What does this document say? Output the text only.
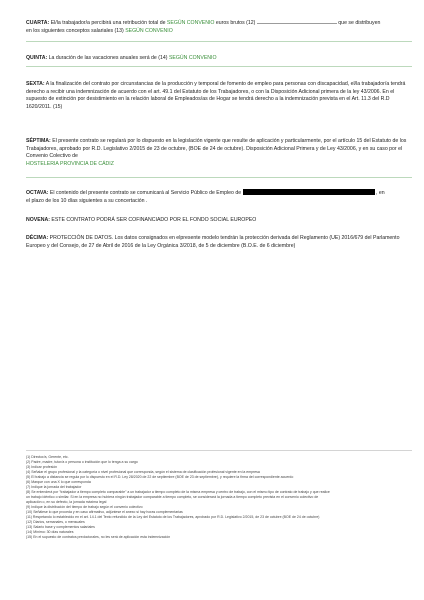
CUARTA: El/la trabajador/a percibirá una retribución total de SEGÚN CONVENIO euros brutos (12)	que se distribuyen
en los siguientes conceptos salariales (13) SEGÚN CONVENIO
QUINTA: La duración de las vacaciones anuales será de (14) SEGÚN CONVENIO
SEXTA: A la finalización del contrato por circunstancias de la producción y temporal de fomento de empleo para personas con discapacidad, el/la trabajador/a tendrá derecho a recibir una indemnización de acuerdo con el art. 49.1 del Estatuto de los Trabajadores, o con la Disposición Adicional primera de la ley 43/2006. En el supuesto de extinción por desistimiento en la relación laboral de Empleados/as de Hogar se tendrá derecho a la indemnización prevista en el Art. 11.3 del R.D 1620/2011. (15)
SÉPTIMA: El presente contrato se regulará por lo dispuesto en la legislación vigente que resulte de aplicación y particularmente, por el artículo 15 del Estatuto de los Trabajadores, aprobado por R.D. Legislativo 2/2015 de 23 de octubre, (BOE de 24 de octubre). Disposición Adicional Primera y de Ley 43/2006, y en su caso por el Convenio Colectivo de
HOSTELERIA PROVINCIA DE CÁDIZ
OCTAVA: El contenido del presente contrato se comunicará al Servicio Público de Empleo de	, en
el plazo de los 10 días siguientes a su concertación .
NOVENA: ESTE CONTRATO PODRÁ SER COFINANCIADO POR EL FONDO SOCIAL EUROPEO
DÉCIMA: PROTECCIÓN DE DATOS. Los datos consignados en elpresente modelo tendrán la protección derivada del Reglamento (UE) 2016/679 del Parlamento Europeo y del Consejo, de 27 de Abril de 2016 de la Ley Orgánica 3/2018, de 5 de diciembre (B.O.E. de 6 diciembre)
(1) Director/a, Gerente, etc.
(2) Padre, madre, tutor/a o persona o institución que lo tenga a su cargo
(3) Indicar profesión
(4) Señalar el grupo profesional y la categoría o nivel profesional que corresponda, según el sistema de clasificación profesional vigente en la empresa
(5) El trabajo a distancia se regula por lo dispuesto en el R.D. Ley 28/2020 de 22 de septiembre (BOE de 23 de septiembre), y requiere la firma del correspondiente acuerdo
(6) Marque con una X lo que corresponda
(7) Indique la jornada del trabajador
(8) Se entenderá por "trabajador a tiempo completo comparable" a un trabajador a tiempo completo de la misma empresa y centro de trabajo, con el mismo tipo de contrato de trabajo y que realice
un trabajo idéntico o similar. Si en la empresa no hubiera ningún trabajador comparable a tiempo completo, se considerará la jornada a tiempo completo prevista en el convenio colectivo de
aplicación o, en su defecto, la jornada máxima legal
(9) Indique la distribución del tiempo de trabajo según el convenio colectivo
(10) Señálese lo que proceda y en caso afirmativo, adjúntese el anexo si hay horas complementarias
(11) Respetando lo establecido en el art. 14.1 del Texto refundido de la Ley del Estatuto de los Trabajadores, aprobado por R.D. Legislativo 2/2015, de 23 de octubre (BOE de 24 de octubre)
(12) Diarios, semanales, o mensuales
(13) Salario base y complementos salariales
(14) Mínimo: 30 días naturales
(15) En el supuesto de contratos predoctorales, no les será de aplicación esta indemnización
